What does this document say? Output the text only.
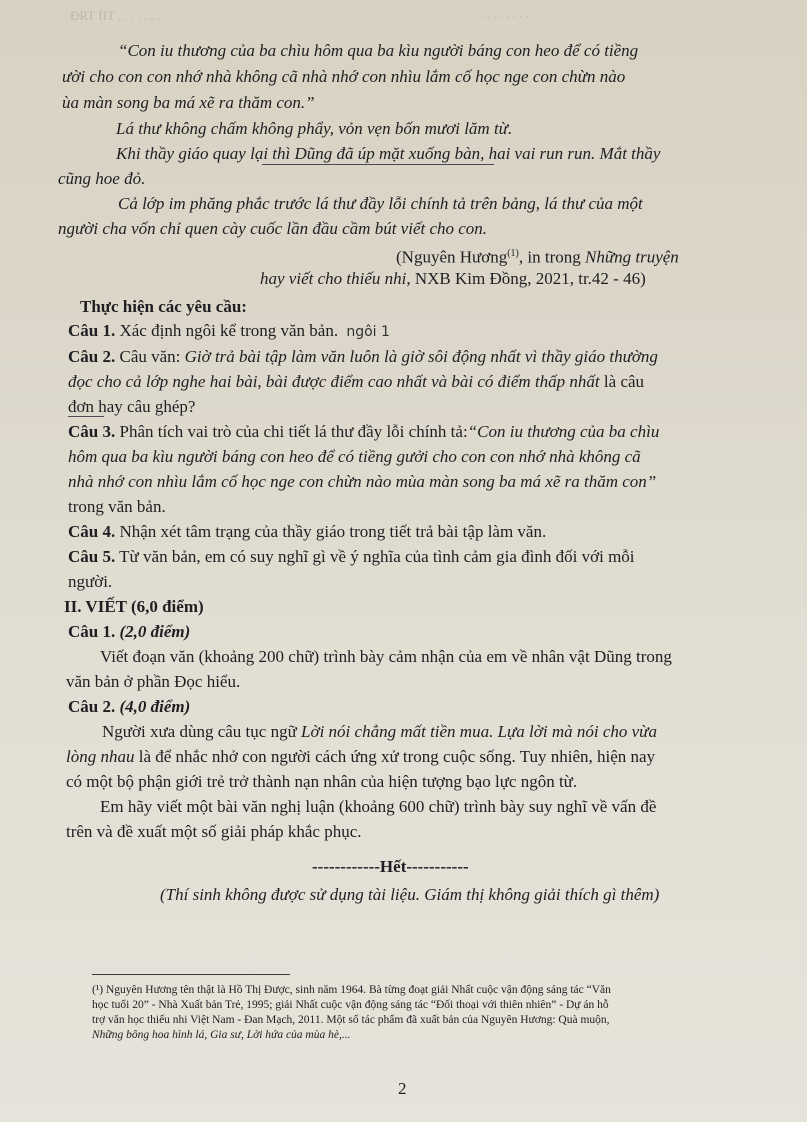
ÐRT IIT . . . . . . .	. . . . . . . .
“Con iu thương của ba chìu hôm qua ba kìu người báng con heo để có tiềng
ười cho con con nhớ nhà không cã nhà nhớ con nhìu lắm cố học nge con chừn nào
ùa màn song ba má xẽ ra thăm con.”
Lá thư không chấm không phẩy, vỏn vẹn bốn mươi lăm từ.
Khi thầy giáo quay lại thì Dũng đã úp mặt xuống bàn, hai vai run run. Mắt thầy
cũng hoe đỏ.
Cả lớp im phăng phắc trước lá thư đầy lỗi chính tả trên bảng, lá thư của một
người cha vốn chỉ quen cày cuốc lần đầu cầm bút viết cho con.
(Nguyên Hương$^{(1)}$, in trong Những truyện
hay viết cho thiếu nhi, NXB Kim Đồng, 2021, tr.42 - 46)
Thực hiện các yêu cầu:
Câu 1. Xác định ngôi kể trong văn bản. ngôi 1
Câu 2. Câu văn: Giờ trả bài tập làm văn luôn là giờ sôi động nhất vì thầy giáo thường
đọc cho cả lớp nghe hai bài, bài được điểm cao nhất và bài có điểm thấp nhất là câu
đơn hay câu ghép?
Câu 3. Phân tích vai trò của chi tiết lá thư đầy lỗi chính tả:“Con iu thương của ba chìu
hôm qua ba kìu người báng con heo để có tiềng gưởi cho con con nhớ nhà không cã
nhà nhớ con nhìu lắm cố học nge con chừn nào mùa màn song ba má xẽ ra thăm con”
trong văn bản.
Câu 4. Nhận xét tâm trạng của thầy giáo trong tiết trả bài tập làm văn.
Câu 5. Từ văn bản, em có suy nghĩ gì về ý nghĩa của tình cảm gia đình đối với mỗi
người.
II. VIẾT (6,0 điểm)
Câu 1. (2,0 điểm)
Viết đoạn văn (khoảng 200 chữ) trình bày cảm nhận của em về nhân vật Dũng trong
văn bản ở phần Đọc hiểu.
Câu 2. (4,0 điểm)
Người xưa dùng câu tục ngữ Lời nói chẳng mất tiền mua. Lựa lời mà nói cho vừa
lòng nhau là để nhắc nhở con người cách ứng xử trong cuộc sống. Tuy nhiên, hiện nay
có một bộ phận giới trẻ trở thành nạn nhân của hiện tượng bạo lực ngôn từ.
Em hãy viết một bài văn nghị luận (khoảng 600 chữ) trình bày suy nghĩ về vấn đề
trên và đề xuất một số giải pháp khắc phục.
------------Hết-----------
(Thí sinh không được sử dụng tài liệu. Giám thị không giải thích gì thêm)
(¹) Nguyên Hương tên thật là Hồ Thị Được, sinh năm 1964. Bà từng đoạt giải Nhất cuộc vận động sáng tác “Văn
học tuổi 20” - Nhà Xuất bản Trẻ, 1995; giải Nhất cuộc vận động sáng tác “Đối thoại với thiên nhiên” - Dự án hỗ
trợ văn học thiếu nhi Việt Nam - Đan Mạch, 2011. Một số tác phẩm đã xuất bản của Nguyên Hương: Quà muộn,
Những bông hoa hình lá, Gia sư, Lời hứa của mùa hè,...
2
